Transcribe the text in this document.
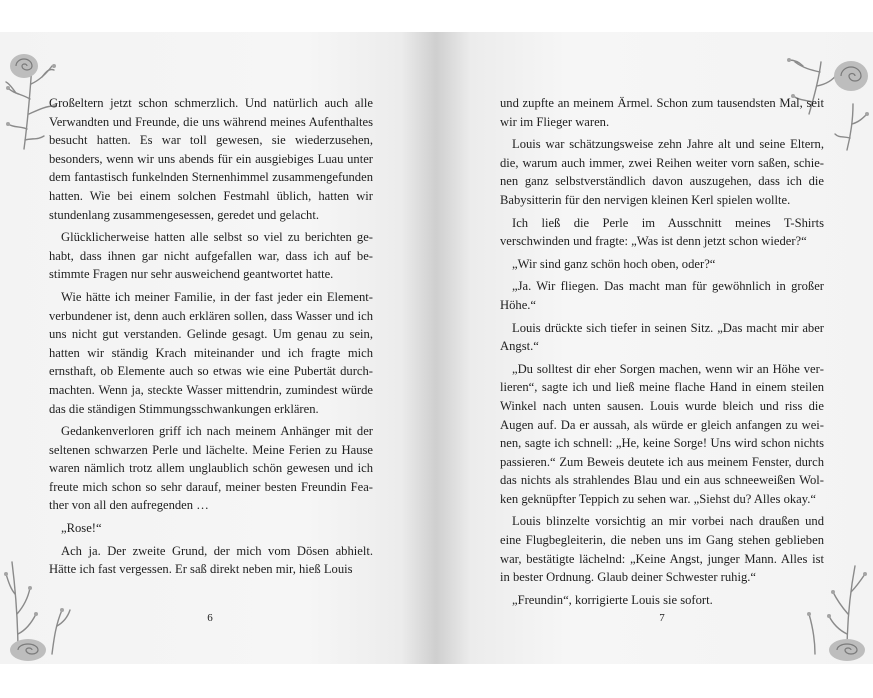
Großeltern jetzt schon schmerzlich. Und natürlich auch alle Verwandten und Freunde, die uns während meines Aufenthaltes besucht hatten. Es war toll gewesen, sie wiederzusehen, besonders, wenn wir uns abends für ein ausgiebiges Luau unter dem fantastisch funkelnden Sternenhimmel zusammengefunden hatten. Wie bei einem solchen Festmahl üblich, hatten wir stundenlang zusammengesessen, geredet und gelacht.

Glücklicherweise hatten alle selbst so viel zu berichten gehabt, dass ihnen gar nicht aufgefallen war, dass ich auf bestimmte Fragen nur sehr ausweichend geantwortet hatte.

Wie hätte ich meiner Familie, in der fast jeder ein Elementverbundener ist, denn auch erklären sollen, dass Wasser und ich uns nicht gut verstanden. Gelinde gesagt. Um genau zu sein, hatten wir ständig Krach miteinander und ich fragte mich ernsthaft, ob Elemente auch so etwas wie eine Pubertät durchmachten. Wenn ja, steckte Wasser mittendrin, zumindest würde das die ständigen Stimmungsschwankungen erklären.

Gedankenverloren griff ich nach meinem Anhänger mit der seltenen schwarzen Perle und lächelte. Meine Ferien zu Hause waren nämlich trotz allem unglaublich schön gewesen und ich freute mich schon so sehr darauf, meiner besten Freundin Feather von all den aufregenden …

„Rose!“

Ach ja. Der zweite Grund, der mich vom Dösen abhielt. Hätte ich fast vergessen. Er saß direkt neben mir, hieß Louis

6

und zupfte an meinem Ärmel. Schon zum tausendsten Mal, seit wir im Flieger waren.

Louis war schätzungsweise zehn Jahre alt und seine Eltern, die, warum auch immer, zwei Reihen weiter vorn saßen, schienen ganz selbstverständlich davon auszugehen, dass ich die Babysitterin für den nervigen kleinen Kerl spielen wollte.

Ich ließ die Perle im Ausschnitt meines T-Shirts verschwinden und fragte: „Was ist denn jetzt schon wieder?“

„Wir sind ganz schön hoch oben, oder?“

„Ja. Wir fliegen. Das macht man für gewöhnlich in großer Höhe.“

Louis drückte sich tiefer in seinen Sitz. „Das macht mir aber Angst.“

„Du solltest dir eher Sorgen machen, wenn wir an Höhe verlieren“, sagte ich und ließ meine flache Hand in einem steilen Winkel nach unten sausen. Louis wurde bleich und riss die Augen auf. Da er aussah, als würde er gleich anfangen zu weinen, sagte ich schnell: „He, keine Sorge! Uns wird schon nichts passieren.“ Zum Beweis deutete ich aus meinem Fenster, durch das nichts als strahlendes Blau und ein aus schneeweißen Wolken geknüpfter Teppich zu sehen war. „Siehst du? Alles okay.“

Louis blinzelte vorsichtig an mir vorbei nach draußen und eine Flugbegleiterin, die neben uns im Gang stehen geblieben war, bestätigte lächelnd: „Keine Angst, junger Mann. Alles ist in bester Ordnung. Glaub deiner Schwester ruhig.“

„Freundin“, korrigierte Louis sie sofort.

7
